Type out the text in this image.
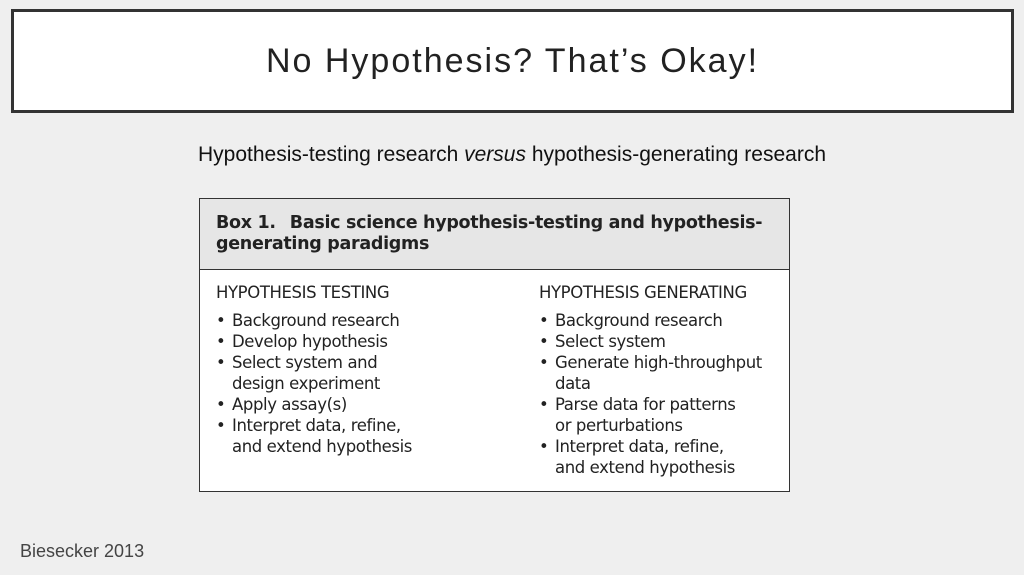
No Hypothesis? That’s Okay!
Hypothesis-testing research versus hypothesis-generating research
Box 1. Basic science hypothesis-testing and hypothesis-
generating paradigms
HYPOTHESIS TESTING
• Background research
• Develop hypothesis
• Select system and
design experiment
• Apply assay(s)
• Interpret data, refine,
and extend hypothesis
HYPOTHESIS GENERATING
• Background research
• Select system
• Generate high-throughput
data
• Parse data for patterns
or perturbations
• Interpret data, refine,
and extend hypothesis
Biesecker 2013
